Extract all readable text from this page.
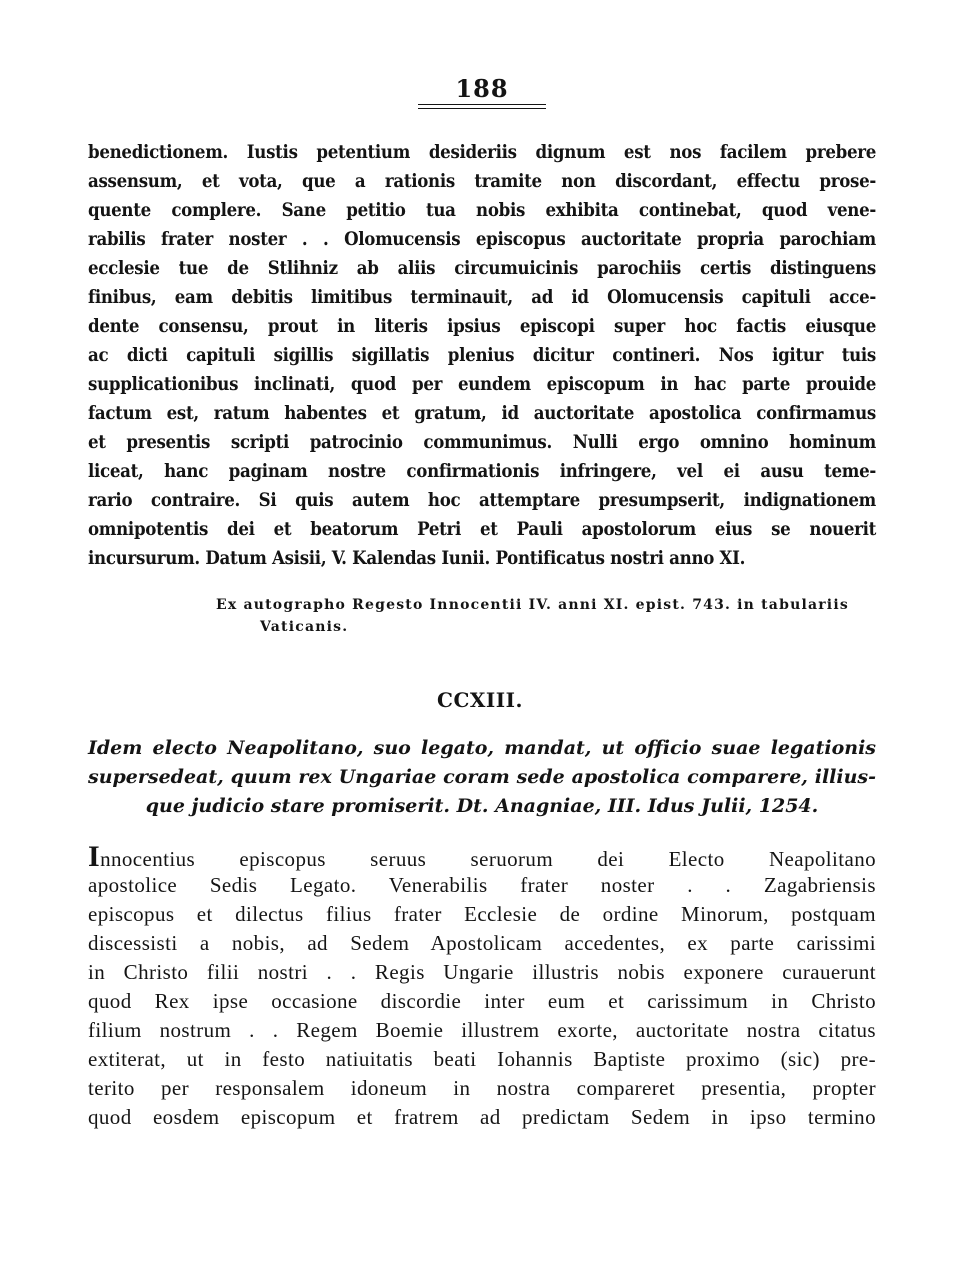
188
benedictionem. Iustis petentium desideriis dignum est nos facilem prebere
assensum, et vota, que a rationis tramite non discordant, effectu prose-
quente complere. Sane petitio tua nobis exhibita continebat, quod vene-
rabilis frater noster . . Olomucensis episcopus auctoritate propria parochiam
ecclesie tue de Stlihniz ab aliis circumuicinis parochiis certis distinguens
finibus, eam debitis limitibus terminauit, ad id Olomucensis capituli acce-
dente consensu, prout in literis ipsius episcopi super hoc factis eiusque
ac dicti capituli sigillis sigillatis plenius dicitur contineri. Nos igitur tuis
supplicationibus inclinati, quod per eundem episcopum in hac parte prouide
factum est, ratum habentes et gratum, id auctoritate apostolica confirmamus
et presentis scripti patrocinio communimus. Nulli ergo omnino hominum
liceat, hanc paginam nostre confirmationis infringere, vel ei ausu teme-
rario contraire. Si quis autem hoc attemptare presumpserit, indignationem
omnipotentis dei et beatorum Petri et Pauli apostolorum eius se nouerit
incursurum. Datum Asisii, V. Kalendas Iunii. Pontificatus nostri anno XI.
Ex autographo Regesto Innocentii IV. anni XI. epist. 743. in tabulariis
Vaticanis.
CCXIII.
Idem electo Neapolitano, suo legato, mandat, ut officio suae legationis
supersedeat, quum rex Ungariae coram sede apostolica comparere, illius-
que judicio stare promiserit. Dt. Anagniae, III. Idus Julii, 1254.
Innocentius episcopus seruus seruorum dei Electo Neapolitano
apostolice Sedis Legato. Venerabilis frater noster . . Zagabriensis
episcopus et dilectus filius frater Ecclesie de ordine Minorum, postquam
discessisti a nobis, ad Sedem Apostolicam accedentes, ex parte carissimi
in Christo filii nostri . . Regis Ungarie illustris nobis exponere curauerunt
quod Rex ipse occasione discordie inter eum et carissimum in Christo
filium nostrum . . Regem Boemie illustrem exorte, auctoritate nostra citatus
extiterat, ut in festo natiuitatis beati Iohannis Baptiste proximo (sic) pre-
terito per responsalem idoneum in nostra compareret presentia, propter
quod eosdem episcopum et fratrem ad predictam Sedem in ipso termino
